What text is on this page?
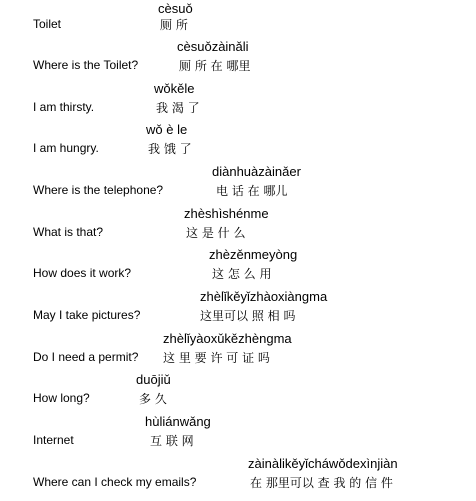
cèsuǒ
Toilet	厕 所
cèsuǒzàinǎli
Where is the Toilet?	厕 所 在 哪里
wǒkěle
I am thirsty.	我 渴 了
wǒ è le
I am hungry.	我 饿 了
diànhuàzàinǎer
Where is the telephone?	电 话 在 哪儿
zhèshìshénme
What is that?	这 是 什 么
zhèzěnmeyòng
How does it work?	这 怎 么 用
zhèlǐkěyǐzhàoxiàngma
May I take pictures?	这里可以 照 相 吗
zhèlǐyàoxǔkězhèngma
Do I need a permit? 这 里 要 许 可 证 吗
duōjiǔ
How long?	多 久
hùliánwǎng
Internet	互 联 网
zàinàlikěyǐcháwǒdexìnjiàn
Where can I check my emails?	在 那里可以 查 我 的 信 件
